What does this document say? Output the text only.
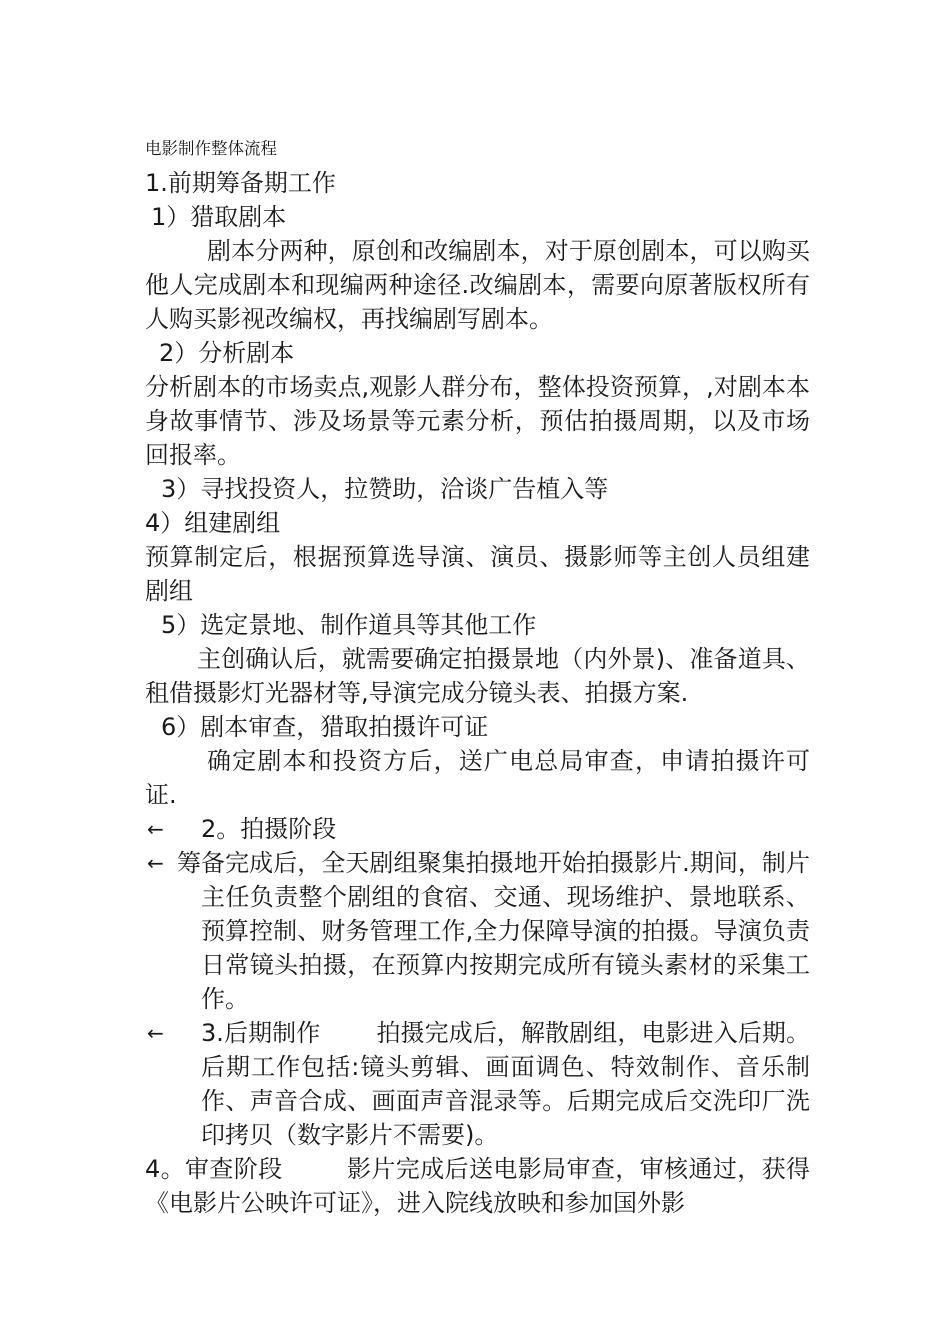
电影制作整体流程
1.前期筹备期工作
1）猎取剧本
剧本分两种，原创和改编剧本，对于原创剧本，可以购买他人完成剧本和现编两种途径.改编剧本，需要向原著版权所有人购买影视改编权，再找编剧写剧本。
2）分析剧本
分析剧本的市场卖点,观影人群分布，整体投资预算，,对剧本本身故事情节、涉及场景等元素分析，预估拍摄周期，以及市场回报率。
3）寻找投资人，拉赞助，洽谈广告植入等
4）组建剧组
预算制定后，根据预算选导演、演员、摄影师等主创人员组建剧组
5）选定景地、制作道具等其他工作
主创确认后，就需要确定拍摄景地（内外景)、准备道具、租借摄影灯光器材等,导演完成分镜头表、拍摄方案.
6）剧本审查，猎取拍摄许可证
确定剧本和投资方后，送广电总局审查，申请拍摄许可证.
←	2。拍摄阶段
← 筹备完成后，全天剧组聚集拍摄地开始拍摄影片.期间，制片主任负责整个剧组的食宿、交通、现场维护、景地联系、预算控制、财务管理工作,全力保障导演的拍摄。导演负责日常镜头拍摄，在预算内按期完成所有镜头素材的采集工作。
←	3.后期制作 拍摄完成后，解散剧组，电影进入后期。后期工作包括:镜头剪辑、画面调色、特效制作、音乐制作、声音合成、画面声音混录等。后期完成后交洗印厂洗印拷贝（数字影片不需要)。
4。审查阶段	影片完成后送电影局审查，审核通过，获得《电影片公映许可证》，进入院线放映和参加国外影
